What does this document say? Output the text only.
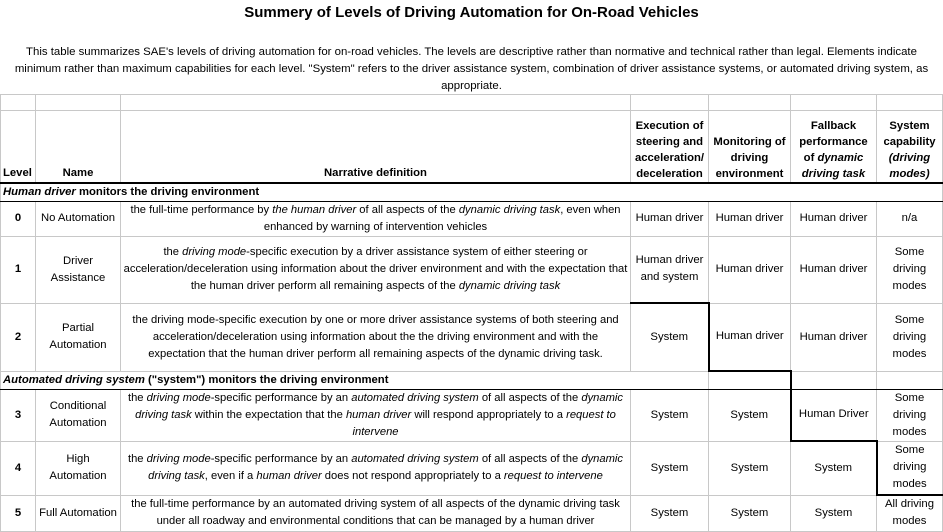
Summery of Levels of Driving Automation for On-Road Vehicles
This table summarizes SAE's levels of driving automation for on-road vehicles. The levels are descriptive rather than normative and technical rather than legal. Elements indicate minimum rather than maximum capabilities for each level. "System" refers to the driver assistance system, combination of driver assistance systems, or automated driving system, as appropriate.

Level	Name	Narrative definition	Execution of steering and acceleration/ deceleration	Monitoring of driving environment	Fallback performance of dynamic driving task	System capability (driving modes)
Human driver monitors the driving environment						
0	No Automation	the full-time performance by the human driver of all aspects of the dynamic driving task, even when enhanced by warning of intervention vehicles	Human driver	Human driver	Human driver	n/a
1	Driver Assistance	the driving mode-specific execution by a driver assistance system of either steering or acceleration/deceleration using information about the driver environment and with the expectation that the human driver perform all remaining aspects of the dynamic driving task	Human driver and system	Human driver	Human driver	Some driving modes
2	Partial Automation	the driving mode-specific execution by one or more driver assistance systems of both steering and acceleration/deceleration using information about the the driving environment and with the expectation that the human driver perform all remaining aspects of the dynamic driving task.	System	Human driver	Human driver	Some driving modes
Automated driving system ("system") monitors the driving environment						
3	Conditional Automation	the driving mode-specific performance by an automated driving system of all aspects of the dynamic driving task within the expectation that the human driver will respond appropriately to a request to intervene	System	System	Human Driver	Some driving modes
4	High Automation	the driving mode-specific performance by an automated driving system of all aspects of the dynamic driving task, even if a human driver does not respond appropriately to a request to intervene	System	System	System	Some driving modes
5	Full Automation	the full-time performance by an automated driving system of all aspects of the dynamic driving task under all roadway and environmental conditions that can be managed by a human driver	System	System	System	All driving modes
